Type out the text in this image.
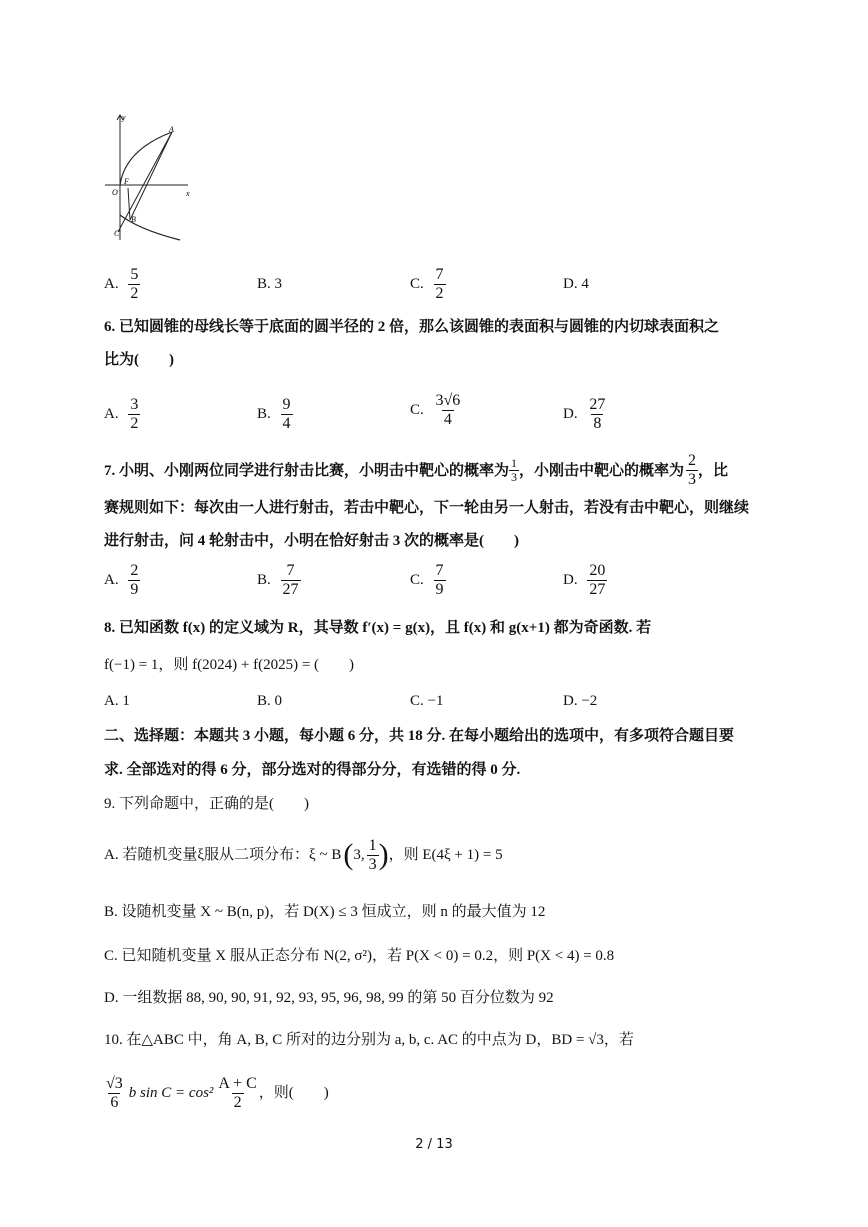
y
x
A
F
O
B
C
A. $\frac{5}{2}$	B. 3	C. $\frac{7}{2}$	D. 4
6. 已知圆锥的母线长等于底面的圆半径的 2 倍，那么该圆锥的表面积与圆锥的内切球表面积之
比为(　　)
A. $\frac{3}{2}$	B. $\frac{9}{4}$	C. $\frac{3√6}{4}$	D. $\frac{27}{8}$
7. 小明、小刚两位同学进行射击比赛，小明击中靶心的概率为 $\frac{1}{3}$ ，小刚击中靶心的概率为 $\frac{2}{3}$ ，比
赛规则如下：每次由一人进行射击，若击中靶心，下一轮由另一人射击，若没有击中靶心，则继续
进行射击，问 4 轮射击中，小明在恰好射击 3 次的概率是(　　)
A. $\frac{2}{9}$	B. $\frac{7}{27}$	C. $\frac{7}{9}$	D. $\frac{20}{27}$
8. 已知函数 f(x) 的定义域为 R，其导数 f′(x) = g(x)，且 f(x) 和 g(x+1) 都为奇函数. 若
f(−1) = 1，则 f(2024) + f(2025) = (　　)
A. 1	B. 0	C. −1	D. −2
二、选择题：本题共 3 小题，每小题 6 分，共 18 分. 在每小题给出的选项中，有多项符合题目要
求. 全部选对的得 6 分，部分选对的得部分分，有选错的得 0 分.
9. 下列命题中，正确的是(　　)
A. 若随机变量ξ服从二项分布：ξ ~ B ( 3, $\frac{1}{3}$ ) ，则 E(4ξ + 1) = 5
B. 设随机变量 X ~ B(n, p)，若 D(X) ≤ 3 恒成立，则 n 的最大值为 12
C. 已知随机变量 X 服从正态分布 N(2, σ²)，若 P(X < 0) = 0.2，则 P(X < 4) = 0.8
D. 一组数据 88, 90, 90, 91, 92, 93, 95, 96, 98, 99 的第 50 百分位数为 92
10. 在△ABC 中，角 A, B, C 所对的边分别为 a, b, c. AC 的中点为 D，BD = √3，若
$\frac{√3}{6}$ b $\sin C = \cos^2 \frac{A + C}{2}$ ，则(　　)
2 / 13
